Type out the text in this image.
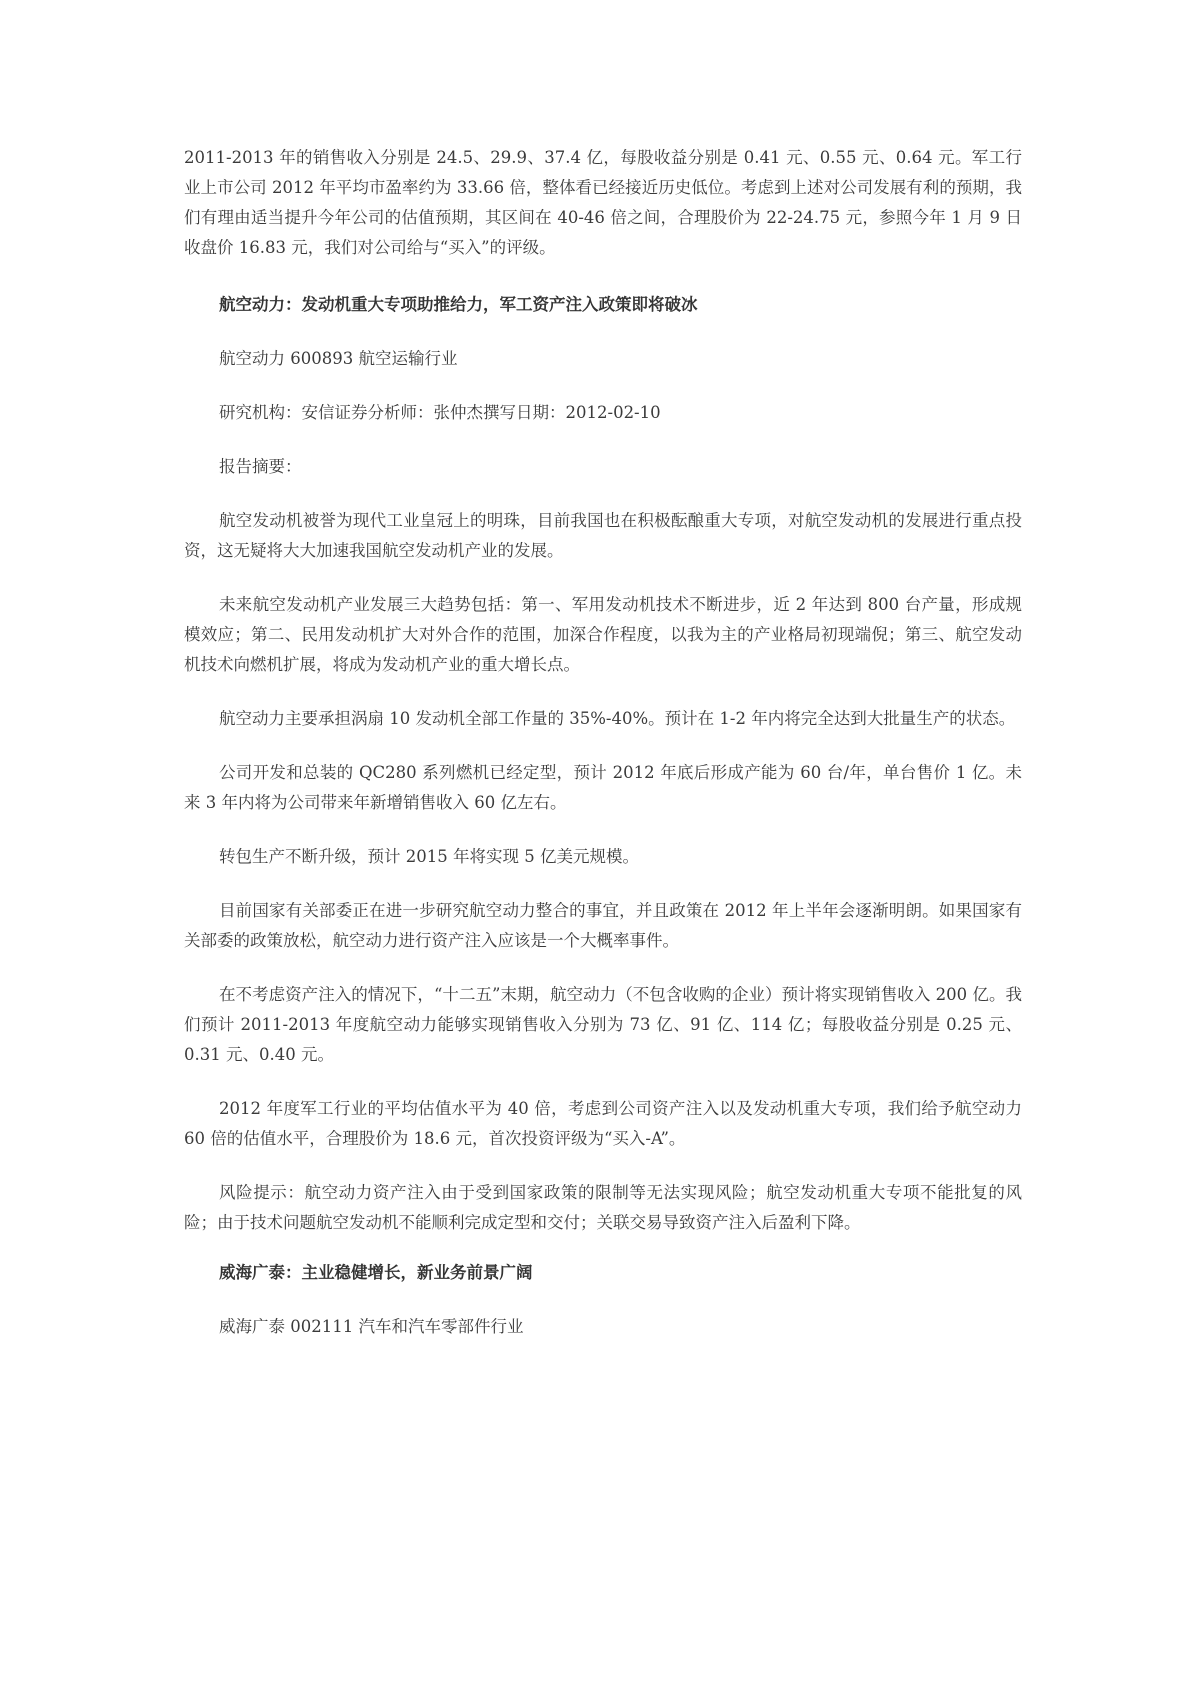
2011-2013 年的销售收入分别是 24.5、29.9、37.4 亿，每股收益分别是 0.41 元、0.55 元、0.64 元。军工行业上市公司 2012 年平均市盈率约为 33.66 倍，整体看已经接近历史低位。考虑到上述对公司发展有利的预期，我们有理由适当提升今年公司的估值预期，其区间在 40-46 倍之间，合理股价为 22-24.75 元，参照今年 1 月 9 日收盘价 16.83 元，我们对公司给与“买入”的评级。

航空动力：发动机重大专项助推给力，军工资产注入政策即将破冰

航空动力 600893 航空运输行业

研究机构：安信证券分析师：张仲杰撰写日期：2012-02-10

报告摘要：

航空发动机被誉为现代工业皇冠上的明珠，目前我国也在积极酝酿重大专项，对航空发动机的发展进行重点投资，这无疑将大大加速我国航空发动机产业的发展。

未来航空发动机产业发展三大趋势包括：第一、军用发动机技术不断进步，近 2 年达到 800 台产量，形成规模效应；第二、民用发动机扩大对外合作的范围，加深合作程度，以我为主的产业格局初现端倪；第三、航空发动机技术向燃机扩展，将成为发动机产业的重大增长点。

航空动力主要承担涡扇 10 发动机全部工作量的 35%-40%。预计在 1-2 年内将完全达到大批量生产的状态。

公司开发和总装的 QC280 系列燃机已经定型，预计 2012 年底后形成产能为 60 台/年，单台售价 1 亿。未来 3 年内将为公司带来年新增销售收入 60 亿左右。

转包生产不断升级，预计 2015 年将实现 5 亿美元规模。

目前国家有关部委正在进一步研究航空动力整合的事宜，并且政策在 2012 年上半年会逐渐明朗。如果国家有关部委的政策放松，航空动力进行资产注入应该是一个大概率事件。

在不考虑资产注入的情况下，“十二五”末期，航空动力（不包含收购的企业）预计将实现销售收入 200 亿。我们预计 2011-2013 年度航空动力能够实现销售收入分别为 73 亿、91 亿、114 亿；每股收益分别是 0.25 元、0.31 元、0.40 元。

2012 年度军工行业的平均估值水平为 40 倍，考虑到公司资产注入以及发动机重大专项，我们给予航空动力 60 倍的估值水平，合理股价为 18.6 元，首次投资评级为“买入-A”。

风险提示：航空动力资产注入由于受到国家政策的限制等无法实现风险；航空发动机重大专项不能批复的风险；由于技术问题航空发动机不能顺利完成定型和交付；关联交易导致资产注入后盈利下降。

威海广泰：主业稳健增长，新业务前景广阔

威海广泰 002111 汽车和汽车零部件行业
